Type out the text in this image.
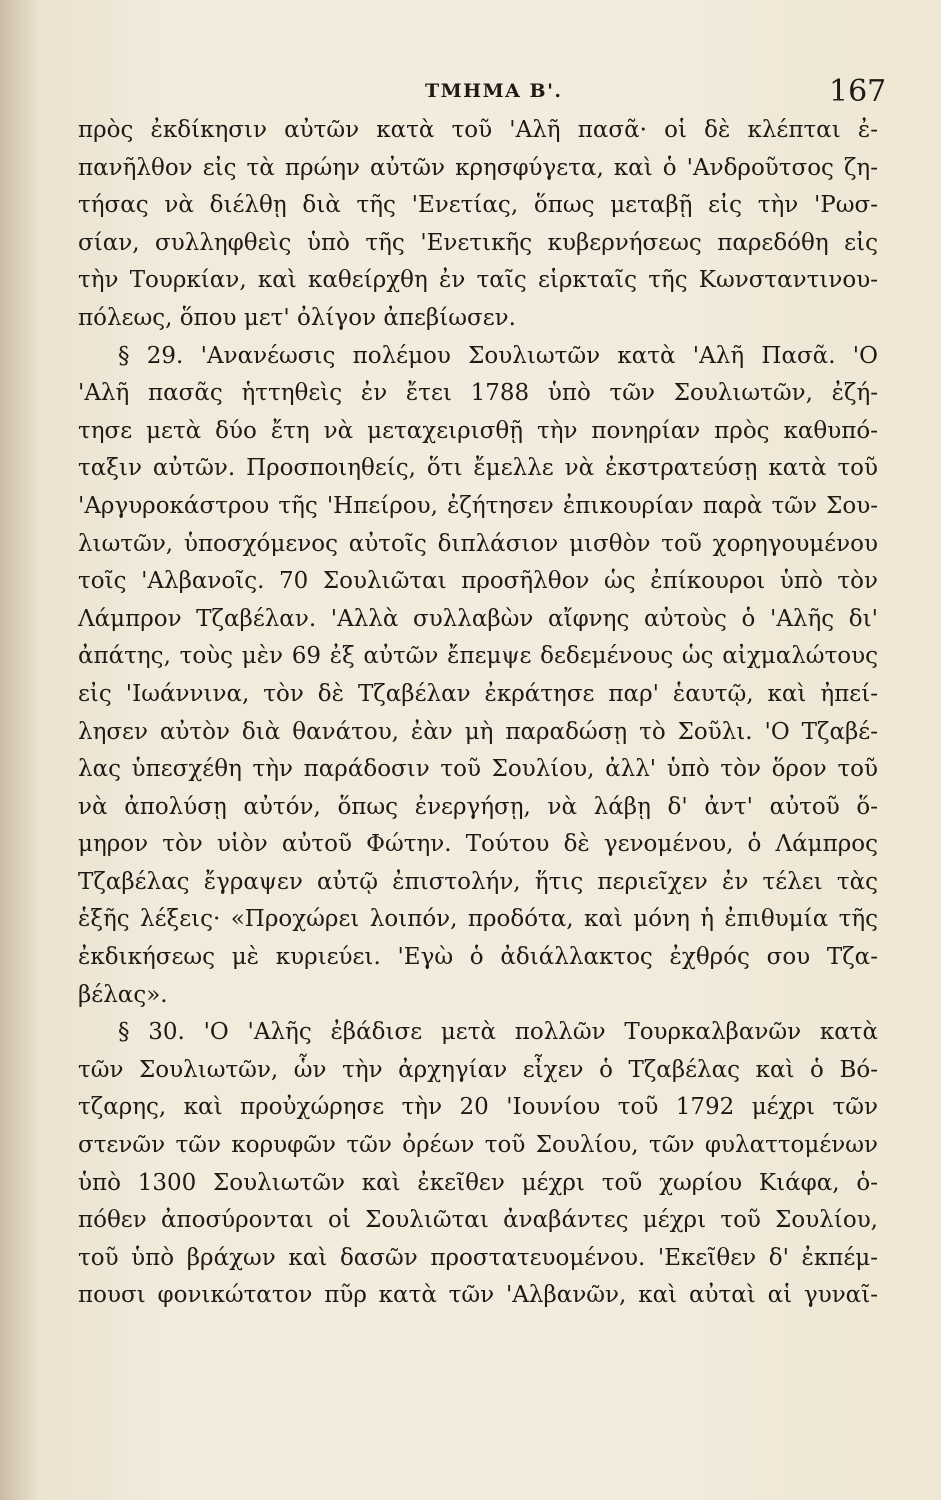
ΤΜΗΜΑ Β'.	167
πρὸς ἐκδίκησιν αὐτῶν κατὰ τοῦ 'Αλῆ πασᾶ· οἱ δὲ κλέπται ἐ-
πανῆλθον εἰς τὰ πρώην αὐτῶν κρησφύγετα, καὶ ὁ 'Ανδροῦτσος ζη-
τήσας νὰ διέλθῃ διὰ τῆς 'Ενετίας, ὅπως μεταβῇ εἰς τὴν 'Ρωσ-
σίαν, συλληφθεὶς ὑπὸ τῆς 'Ενετικῆς κυβερνήσεως παρεδόθη εἰς
τὴν Τουρκίαν, καὶ καθείρχθη ἐν ταῖς εἱρκταῖς τῆς Κωνσταντινου-
πόλεως, ὅπου μετ' ὀλίγον ἀπεβίωσεν.
§ 29. 'Ανανέωσις πολέμου Σουλιωτῶν κατὰ 'Αλῆ Πασᾶ. 'Ο
'Αλῆ πασᾶς ἡττηθεὶς ἐν ἔτει 1788 ὑπὸ τῶν Σουλιωτῶν, ἐζή-
τησε μετὰ δύο ἔτη νὰ μεταχειρισθῇ τὴν πονηρίαν πρὸς καθυπό-
ταξιν αὐτῶν. Προσποιηθείς, ὅτι ἔμελλε νὰ ἐκστρατεύσῃ κατὰ τοῦ
'Αργυροκάστρου τῆς 'Ηπείρου, ἐζήτησεν ἐπικουρίαν παρὰ τῶν Σου-
λιωτῶν, ὑποσχόμενος αὐτοῖς διπλάσιον μισθὸν τοῦ χορηγουμένου
τοῖς 'Αλβανοῖς. 70 Σουλιῶται προσῆλθον ὡς ἐπίκουροι ὑπὸ τὸν
Λάμπρον Τζαβέλαν. 'Αλλὰ συλλαβὼν αἴφνης αὐτοὺς ὁ 'Αλῆς δι'
ἀπάτης, τοὺς μὲν 69 ἐξ αὐτῶν ἔπεμψε δεδεμένους ὡς αἰχμαλώτους
εἰς 'Ιωάννινα, τὸν δὲ Τζαβέλαν ἐκράτησε παρ' ἑαυτῷ, καὶ ἠπεί-
λησεν αὐτὸν διὰ θανάτου, ἐὰν μὴ παραδώσῃ τὸ Σοῦλι. 'Ο Τζαβέ-
λας ὑπεσχέθη τὴν παράδοσιν τοῦ Σουλίου, ἀλλ' ὑπὸ τὸν ὅρον τοῦ
νὰ ἀπολύσῃ αὐτόν, ὅπως ἐνεργήσῃ, νὰ λάβῃ δ' ἀντ' αὐτοῦ ὅ-
μηρον τὸν υἱὸν αὐτοῦ Φώτην. Τούτου δὲ γενομένου, ὁ Λάμπρος
Τζαβέλας ἔγραψεν αὐτῷ ἐπιστολήν, ἥτις περιεῖχεν ἐν τέλει τὰς
ἑξῆς λέξεις· «Προχώρει λοιπόν, προδότα, καὶ μόνη ἡ ἐπιθυμία τῆς
ἐκδικήσεως μὲ κυριεύει. 'Εγὼ ὁ ἀδιάλλακτος ἐχθρός σου Τζα-
βέλας».
§ 30. 'Ο 'Αλῆς ἐβάδισε μετὰ πολλῶν Τουρκαλβανῶν κατὰ
τῶν Σουλιωτῶν, ὧν τὴν ἀρχηγίαν εἶχεν ὁ Τζαβέλας καὶ ὁ Βό-
τζαρης, καὶ προὐχώρησε τὴν 20 'Ιουνίου τοῦ 1792 μέχρι τῶν
στενῶν τῶν κορυφῶν τῶν ὀρέων τοῦ Σουλίου, τῶν φυλαττομένων
ὑπὸ 1300 Σουλιωτῶν καὶ ἐκεῖθεν μέχρι τοῦ χωρίου Κιάφα, ὁ-
πόθεν ἀποσύρονται οἱ Σουλιῶται ἀναβάντες μέχρι τοῦ Σουλίου,
τοῦ ὑπὸ βράχων καὶ δασῶν προστατευομένου. 'Εκεῖθεν δ' ἐκπέμ-
πουσι φονικώτατον πῦρ κατὰ τῶν 'Αλβανῶν, καὶ αὐταὶ αἱ γυναῖ-
